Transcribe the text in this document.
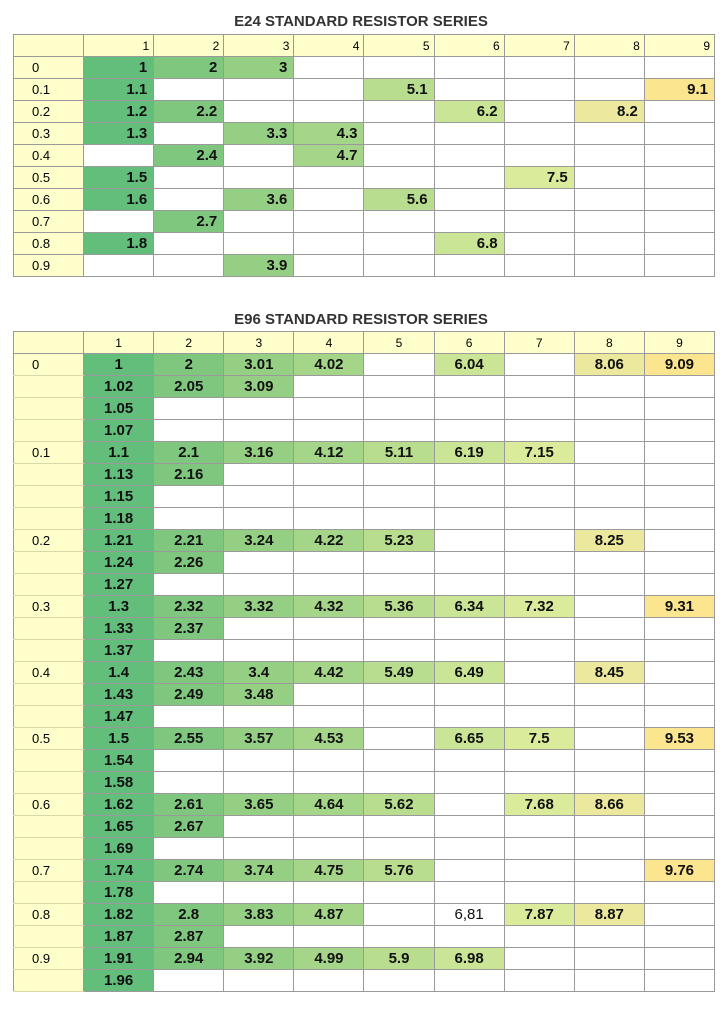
E24 STANDARD RESISTOR SERIES
	1	2	3	4	5	6	7	8	9
0	1	2	3						
0.1	1.1				5.1				9.1
0.2	1.2	2.2				6.2		8.2	
0.3	1.3		3.3	4.3					
0.4		2.4		4.7					
0.5	1.5						7.5		
0.6	1.6		3.6		5.6				
0.7		2.7							
0.8	1.8					6.8			
0.9			3.9						
E96 STANDARD RESISTOR SERIES
	1	2	3	4	5	6	7	8	9
0	1	2	3.01	4.02		6.04		8.06	9.09
	1.02	2.05	3.09						
	1.05								
	1.07								
0.1	1.1	2.1	3.16	4.12	5.11	6.19	7.15		
	1.13	2.16							
	1.15								
	1.18								
0.2	1.21	2.21	3.24	4.22	5.23			8.25	
	1.24	2.26							
	1.27								
0.3	1.3	2.32	3.32	4.32	5.36	6.34	7.32		9.31
	1.33	2.37							
	1.37								
0.4	1.4	2.43	3.4	4.42	5.49	6.49		8.45	
	1.43	2.49	3.48						
	1.47								
0.5	1.5	2.55	3.57	4.53		6.65	7.5		9.53
	1.54								
	1.58								
0.6	1.62	2.61	3.65	4.64	5.62		7.68	8.66	
	1.65	2.67							
	1.69								
0.7	1.74	2.74	3.74	4.75	5.76				9.76
	1.78								
0.8	1.82	2.8	3.83	4.87		6,81	7.87	8.87	
	1.87	2.87							
0.9	1.91	2.94	3.92	4.99	5.9	6.98			
	1.96								
